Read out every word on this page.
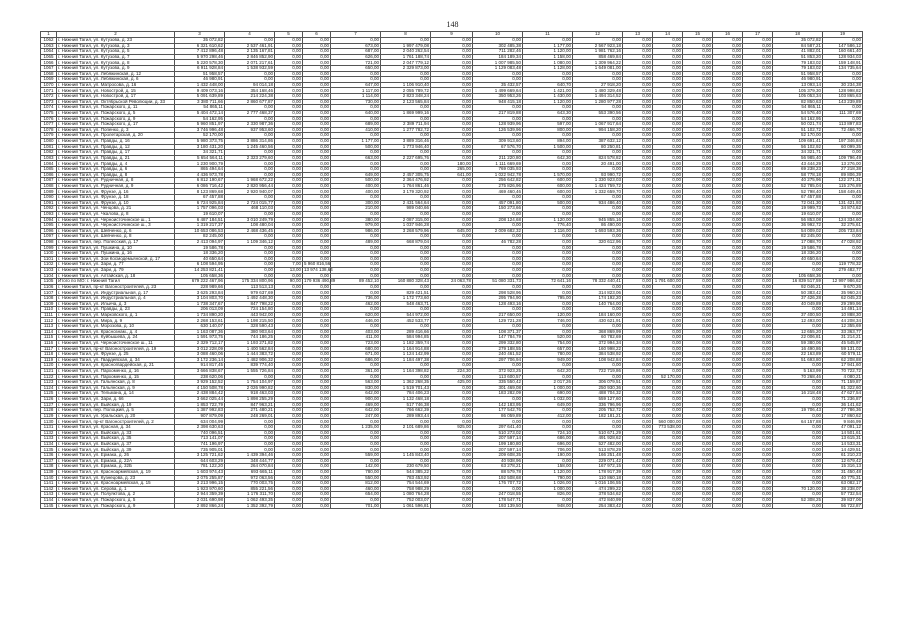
148
1	2	3	4	5	6	7	8	9	10	11	12	13	14	15	16	17	18	19
1062	г. Нижний Тагил, ул. Кутузова, д. 23	35 072,82	0,00	0,00	0,00	0,00	0,00	0,00	0,00	0,00	0,00	0,00	0,00	0,00	0,00	0,00	35 072,82	0,00
1063	г. Нижний Тагил, ул. Кутузова, д. 3	6 321 610,62	2 537 461,91	0,00	0,00	673,00	1 997 479,08	0,00	302 485,38	1 177,00	2 567 923,18	0,00	0,00	0,00	0,00	0,00	84 587,21	147 586,12
1064	г. Нижний Тагил, ул. Кутузова, д. 5	7 412 896,48	2 135 167,81	0,00	0,00	687,00	2 040 262,54	0,00	711 282,46	1 120,00	1 981 762,16	0,00	0,00	0,00	0,00	0,00	41 882,01	160 661,40
1065	г. Нижний Тагил, ул. Кутузова, д. 7	5 970 298,46	2 846 852,90	0,00	0,00	626,00	1 761 188,74	0,00	184 189,34	1 158,00	858 469,84	0,00	0,00	0,00	0,00	0,00	51 853,20	128 934,03
1066	г. Нижний Тагил, ул. Кутузова, д. 8	5 220 578,30	2 071 217,61	0,00	0,00	721,00	2 047 779,12	0,00	1 007 985,50	1 080,00	1 309 964,22	0,00	0,00	0,00	0,00	0,00	79 183,02	159 148,91
1067	г. Нижний Тагил, ул. Кутузова, д. 9	6 911 928,84	1 538 932,59	0,00	0,00	650,00	2 329 873,00	0,00	1 129 083,48	1 128,00	1 649 081,00	0,00	0,00	0,00	0,00	0,00	79 183,02	134 735,64
1068	г. Нижний Тагил, ул. Лебяжинская, д. 12	51 958,57	0,00	0,00	0,00	0,00	0,00	0,00	0,00	0,00	0,00	0,00	0,00	0,00	0,00	0,00	51 958,57	0,00
1069	г. Нижний Тагил, ул. Лебяжинская, д. 6	46 980,91	0,00	0,00	0,00	0,00	0,00	0,00	0,00	0,00	0,00	0,00	0,00	0,00	0,00	0,00	46 980,91	0,00
1070	г. Нижний Тагил, ул. Матросова, д. 16	1 432 448,00	94 014,18	0,00	0,00	647,00	1 106 910,40	0,00	35 432,57	640,70	27 918,20	0,00	0,00	0,00	0,00	0,00	13 093,14	30 234,38
1071	г. Нижний Тагил, ул. Новострой, д. 15	9 409 073,16	354 168,46	0,00	0,00	1 117,00	2 055 789,72	0,00	1 499 669,64	1 421,00	1 480 329,48	0,00	0,00	0,00	0,00	0,00	105 379,30	128 998,82
1072	г. Нижний Тагил, ул. Новострой, д. 17	5 091 639,89	214 224,38	0,00	0,00	1 114,00	2 823 348,24	0,00	350 953,26	1 430,00	1 494 314,52	0,00	0,00	0,00	0,00	0,00	105 053,34	103 865,63
1073	г. Нижний Тагил, ул. Октябрьской Революции, д. 33	3 380 711,66	2 860 677,87	0,00	0,00	730,00	2 123 565,84	0,00	948 415,18	1 120,00	1 280 977,28	0,00	0,00	0,00	0,00	0,00	82 850,63	143 239,89
1074	г. Нижний Тагил, ул. Пожарского, д. 11	54 865,11	0,00	0,00	0,00	0,00	0,00	0,00	0,00	0,00	0,00	0,00	0,00	0,00	0,00	0,00	54 865,11	0,00
1075	г. Нижний Тагил, ул. Пожарского, д. 5	5 404 472,14	2 777 468,37	0,00	0,00	640,00	1 869 999,16	0,00	217 819,88	643,30	553 390,56	0,00	0,00	0,00	0,00	0,00	54 576,40	111 307,69
1076	г. Нижний Тагил, ул. Пожарского, д. 9	54 162,95	0,00	0,00	0,00	0,00	0,00	0,00	0,00	0,00	0,00	0,00	0,00	0,00	0,00	0,00	54 162,95	0,00
1077	г. Нижний Тагил, ул. Пожарского, д. 17	5 960 851,97	2 330 987,36	0,00	0,00	689,00	2 389 711,94	0,00	128 939,96	597,00	1 067 917,64	0,00	0,00	0,00	0,00	0,00	50 021,74	113 897,83
1078	г. Нижний Тагил, ул. Попенко, д. 3	3 746 996,48	937 953,60	0,00	0,00	410,00	1 277 782,72	0,00	126 539,96	800,00	994 158,20	0,00	0,00	0,00	0,00	0,00	51 102,72	72 466,70
1079	г. Нижний Тагил, ул. Пролетарская, д. 20	52 170,00	0,00	0,00	0,00	0,00	0,00	0,00	0,00	0,00	0,00	0,00	0,00	0,00	0,00	0,00	52 170,00	0,00
1080	г. Нижний Тагил, ул. Правды, д. 16	5 980 373,75	3 886 314,86	0,00	0,00	1 177,00	3 889 316,46	0,00	309 913,60	894,00	387 632,12	0,00	0,00	0,00	0,00	0,00	109 691,41	197 346,84
1081	г. Нижний Тагил, ул. Правды, д. 12	3 180 431,20	1 245 460,56	0,00	0,00	500,00	1 773 946,40	0,00	67 576,70	1 500,00	80 250,81	0,00	0,00	0,00	0,00	0,00	56 102,92	60 099,35
1082	г. Нижний Тагил, ул. Правды, д. 17	34 321,71	0,00	0,00	0,00	0,00	0,00	0,00	0,00	0,00	0,00	0,00	0,00	0,00	0,00	0,00	34 321,71	0,00
1083	г. Нижний Тагил, ул. Правды, д. 21	5 654 564,11	2 323 279,60	0,00	0,00	663,00	2 227 695,76	0,00	211 220,80	642,30	824 578,82	0,00	0,00	0,00	0,00	0,00	56 985,40	109 796,49
1084	г. Нижний Тагил, ул. Правды, д. 4	1 230 900,79	0,00	0,00	0,00	0,00	0,00	180,00	1 111 669,69	0,00	20 491,00	0,00	0,00	0,00	0,00	0,00	43 444,29	13 276,00
1085	г. Нижний Тагил, ул. Правды, д. 6	865 494,64	0,00	0,00	0,00	0,00	0,00	265,00	769 035,93	0,00	0,00	0,00	0,00	0,00	0,00	0,00	69 238,23	27 218,38
1086	г. Нижний Тагил, ул. Правды, д. 8	4 436 973,78	0,00	0,00	0,00	649,00	2 457 305,75	641,00	1 022 942,78	1 570,00	93 990,72	0,00	0,00	0,00	0,00	0,00	58 778,18	89 806,39
1087	г. Нижний Тагил, ул. Рудничная, д. 8	6 812 190,67	1 968 672,22	0,00	0,00	500,00	2 364 476,92	0,00	256 642,82	600,00	1 330 923,03	0,00	0,00	0,00	0,00	0,00	40 275,96	122 271,31
1088	г. Нижний Тагил, ул. Рудничная, д. 9	6 086 716,42	2 820 956,44	0,00	0,00	400,00	1 764 861,46	0,00	275 826,96	600,00	1 424 759,72	0,00	0,00	0,00	0,00	0,00	52 785,04	115 276,89
1089	г. Нижний Тагил, ул. Фрунзе, д. 16	8 123 869,68	2 920 940,07	0,00	0,00	400,00	3 179 320,92	0,00	469 460,46	600,00	1 332 659,70	0,00	0,00	0,00	0,00	0,00	52 798,40	158 449,45
1090	г. Нижний Тагил, ул. Фрунзе, д. 18	67 457,88	0,00	0,00	0,00	0,00	0,00	0,00	0,00	0,00	0,00	0,00	0,00	0,00	0,00	0,00	67 457,88	0,00
1091	г. Нижний Тагил, ул. Фрунзе, д. 10	6 724 925,84	2 724 015,77	0,00	0,00	300,00	2 431 564,64	0,00	457 091,80	500,00	934 486,40	0,00	0,00	0,00	0,00	0,00	72 041,30	131 421,93
1092	г. Нижний Тагил, ул. Ченцова, д. 21	1 757 096,03	468 110,03	0,00	0,00	210,00	989 040,66	0,00	150 273,66	0,00	0,00	0,00	0,00	0,00	0,00	0,00	19 999,73	34 874,62
1093	г. Нижний Тагил, ул. Чкалова, д. 8	19 610,07	0,00	0,00	0,00	0,00	0,00	0,00	0,00	0,00	0,00	0,00	0,00	0,00	0,00	0,00	19 610,07	0,00
1094	г. Нижний Тагил, ул. Черноисточинское ш., 1	6 487 184,51	3 010 249,79	0,00	0,00	380,00	2 087 315,00	0,00	208 124,68	1 120,00	945 855,16	0,00	0,00	0,00	0,00	0,00	56 853,08	124 334,60
1095	г. Нижний Тагил, ул. Черноисточинское ш., 3	1 319 217,37	108 480,04	0,00	0,00	979,00	1 037 946,28	0,00	0,00	776,40	86 490,00	0,00	0,00	0,00	0,00	0,00	36 992,72	32 275,61
1096	г. Нижний Тагил, ул. Шевченко, д. 6	10 653 086,53	2 468 436,45	0,00	0,00	986,00	3 268 579,96	645,00	2 009 682,32	1 116,00	1 693 593,36	0,00	0,00	0,00	0,00	0,00	54 009,02	205 733,84
1097	г. Нижний Тагил, ул. Шевченко, д. 8	82 245,00	0,00	0,00	0,00	0,00	0,00	0,00	0,00	0,00	0,00	0,00	0,00	0,00	0,00	0,00	82 245,00	0,00
1098	г. Нижний Тагил, пер. Полесский, д. 17	2 413 094,97	1 109 346,12	0,00	0,00	489,00	668 879,04	0,00	46 782,28	0,00	320 612,96	0,00	0,00	0,00	0,00	0,00	17 088,70	47 028,92
1099	г. Нижний Тагил, ул. Пушкина, д. 10	19 586,78	0,00	0,00	0,00	0,00	0,00	0,00	0,00	0,00	0,00	0,00	0,00	0,00	0,00	0,00	19 586,78	0,00
1100	г. Нижний Тагил, ул. Пушкина, д. 16	18 336,20	0,00	0,00	0,00	0,00	0,00	0,00	0,00	0,00	0,00	0,00	0,00	0,00	0,00	0,00	18 336,20	0,00
1101	г. Нижний Тагил, ул. Зои Космодемьянской, д. 17	40 650,64	0,00	0,00	0,00	0,00	0,00	0,00	0,00	0,00	0,00	0,00	0,00	0,00	0,00	0,00	40 650,64	0,00
1102	г. Нижний Тагил, ул. Зари, д. 77	6 108 594,95	0,00	7,00	5 960 816,56	0,00	0,00	0,00	0,00	0,00	0,00	0,00	0,00	0,00	0,00	0,00	0,00	119 778,32
1103	г. Нижний Тагил, ул. Зари, д. 79	14 253 821,41	0,00	13,00	13 974 138,64	0,00	0,00	0,00	0,00	0,00	0,00	0,00	0,00	0,00	0,00	0,00	0,00	279 482,77
1104	г. Нижний Тагил, ул. Алтайская, д. 18	105 658,36	0,00	0,00	0,00	0,00	0,00	0,00	0,00	0,00	0,00	0,00	0,00	0,00	0,00	0,00	105 658,36	0,00
1105	Итого по МО: г. Нижний Тагил	679 222 467,96	175 334 800,96	90,00	179 936 490,89	89 452,10	160 880 328,43	24 063,78	51 080 331,73	72 641,16	78 332 440,41	0,00	1 791 600,00	0,00	0,00	0,00	16 839 517,59	12 997 986,62
1106	г. Нижний Тагил, пр-кт Вагоностроителей, д. 23	228 989,66	113 513,13	0,00	0,00	0,00	0,00	0,00	0,00	0,00	0,00	0,00	0,00	0,00	0,00	0,00	92 046,21	9 670,26
1107	г. Нижний Тагил, ул. Индустриальная, д. 17	3 625 293,84	979 637,69	0,00	0,00	0,00	829 421,51	0,00	298 528,96	0,00	314 823,06	0,00	0,00	0,00	0,00	0,00	50 383,42	35 960,24
1108	г. Нижний Тагил, ул. Индустриальная, д. 4	3 104 803,70	1 492 448,30	0,00	0,00	736,00	1 172 773,60	0,00	295 794,90	795,00	174 192,20	0,00	0,00	0,00	0,00	0,00	37 426,28	62 045,23
1109	г. Нижний Тагил, ул. Ильича, д. 3	1 738 347,67	847 798,22	0,00	0,00	462,00	548 463,71	0,00	128 493,16	0,00	140 764,00	0,00	0,00	0,00	0,00	0,00	40 049,89	29 299,96
1110	г. Нижний Тагил, ул. Правды, д. 23	206 013,09	724 154,80	0,00	0,00	0,00	0,00	0,00	0,00	0,00	0,00	0,00	0,00	0,00	0,00	0,00	0,00	14 491,14
1111	г. Нижний Тагил, ул. Марковского, д. 1	1 734 890,20	443 942,00	0,00	0,00	620,00	544 972,00	0,00	217 650,00	120,00	184 160,00	0,00	0,00	0,00	0,00	0,00	37 400,50	10 888,30
1112	г. Нижний Тагил, ул. Мира, д. 9	2 268 153,61	1 198 215,50	0,00	0,00	446,00	452 533,77	0,00	129 721,28	746,00	430 621,91	0,00	0,00	0,00	0,00	0,00	12 493,00	44 208,34
1113	г. Нижний Тагил, ул. Морозова, д. 10	630 140,07	328 590,43	0,00	0,00	0,00	0,00	0,00	0,00	0,00	0,00	0,00	0,00	0,00	0,00	0,00	0,00	12 355,69
1114	г. Нижний Тагил, ул. Краснознам., д. 4	1 163 087,36	380 903,64	0,00	0,00	403,00	289 416,66	0,00	108 371,37	0,00	368 869,99	0,00	0,00	0,00	0,00	0,00	12 655,20	33 363,77
1115	г. Нижний Тагил, ул. Куйбышева, д. 24	1 591 973,75	744 186,25	0,00	0,00	411,00	584 994,85	0,00	147 784,79	520,00	60 782,69	0,00	0,00	0,00	0,00	0,00	22 006,81	31 214,21
1116	г. Нижний Тагил, ул. Черноисточинское ш., 11	2 329 712,17	1 193 271,82	0,00	0,00	723,00	1 182 359,74	0,00	299 332,80	754,00	372 994,34	0,00	0,00	0,00	0,00	0,00	59 380,06	45 545,97
1117	г. Нижний Тагил, пр-кт Вагоностроителей, д. 19	3 012 228,09	1 400 562,84	0,00	0,00	680,00	1 164 914,88	0,00	279 188,55	657,00	160 998,22	0,00	0,00	0,00	0,00	0,00	16 490,86	59 131,02
1118	г. Нижний Тагил, ул. Фрунзе, д. 25	3 088 460,06	1 444 383,72	0,00	0,00	671,00	1 124 142,99	0,00	240 461,52	780,00	384 538,92	0,00	0,00	0,00	0,00	0,00	22 163,89	60 579,11
1119	г. Нижний Тагил, ул. Гвардейская, д. 34	3 172 236,14	1 482 906,32	0,00	0,00	686,00	1 184 497,38	0,00	297 706,94	949,00	108 942,84	0,00	0,00	0,00	0,00	0,00	51 693,80	62 208,88
1120	г. Нижний Тагил, ул. Красногвардейская, д. 21	914 817,45	839 774,40	0,00	0,00	0,00	0,00	0,00	0,00	0,00	0,00	0,00	0,00	0,00	0,00	0,00	0,00	17 941,60
1121	г. Нижний Тагил, ул. Пархоменко, д. 16	3 666 838,67	1 555 726,84	0,00	0,00	361,00	1 164 398,82	224,30	372 923,25	642,20	722 719,86	0,00	0,00	0,00	0,00	0,00	5 163,99	70 722,72
1122	г. Нижний Тагил, ул. Пархоменко, д. 15	238 620,06	0,00	0,00	0,00	0,00	0,00	0,00	113 600,57	0,00	0,00	0,00	52 170,00	0,00	0,00	0,00	70 268,46	4 080,21
1123	г. Нижний Тагил, ул. Гальянская, д. 8	3 929 152,52	1 754 104,97	0,00	0,00	563,00	1 362 268,35	425,00	335 550,42	2 017,26	306 079,51	0,00	0,00	0,00	0,00	0,00	0,00	71 159,87
1124	г. Нижний Тагил, ул. Гальянская, д. 9	4 150 508,78	2 026 990,82	0,00	0,00	830,00	1 519 701,43	0,00	301 469,08	1 000,00	250 930,36	0,00	0,00	0,00	0,00	0,00	0,00	81 322,60
1125	г. Нижний Тагил, ул. Тельмана, д. 14	2 438 884,42	918 463,03	0,00	0,00	642,00	784 406,23	0,00	183 282,09	690,00	488 704,32	0,00	0,00	0,00	0,00	0,00	16 218,48	47 627,54
1126	г. Нижний Тагил, ул. Зари, д. 66	3 662 025,44	1 898 255,29	0,00	0,00	900,00	1 132 468,18	0,00	0,00	1 032,00	559 127,60	0,00	0,00	0,00	0,00	0,00	0,00	71 236,87
1127	г. Нижний Тагил, ул. Выйская, д. 19	1 853 722,79	847 963,21	0,00	0,00	469,00	517 746,38	0,00	142 183,95	649,00	336 796,96	0,00	0,00	0,00	0,00	0,00	0,00	36 141,62
1128	г. Нижний Тагил, пер. Полоцкий, д. 5	1 387 992,83	271 480,21	0,00	0,00	642,00	766 662,39	0,00	177 542,76	0,00	205 752,72	0,00	0,00	0,00	0,00	0,00	19 706,43	27 786,36
1129	г. Нижний Тагил, ул. Уральская, д. 20	907 879,09	248 269,01	0,00	0,00	247,00	289 893,44	0,00	86 059,89	412,00	182 181,21	0,00	0,00	0,00	0,00	0,00	0,00	17 860,62
1130	г. Нижний Тагил, пр-кт Вагоностроителей, д. 2	634 004,99	0,00	0,00	0,00	0,00	0,00	0,00	0,00	0,00	0,00	0,00	560 000,00	0,00	0,00	0,00	64 157,88	9 846,99
1131	г. Нижний Тагил, ул. Красная, д. 34	2 398 630,63	0,00	0,00	0,00	1 235,00	2 101 689,86	925,00	297 641,40	0,00	0,00	0,00	773 538,00	0,00	0,00	0,00	0,00	47 091,12
1132	г. Нижний Тагил, ул. Выйская, д. 33	740 096,51	0,00	0,00	0,00	0,00	0,00	0,00	510 273,02	724,10	510 671,29	0,00	0,00	0,00	0,00	0,00	0,00	14 501,61
1133	г. Нижний Тагил, ул. Выйская, д. 35	713 141,07	0,00	0,00	0,00	0,00	0,00	0,00	207 597,14	686,00	491 928,62	0,00	0,00	0,00	0,00	0,00	0,00	13 615,31
1134	г. Нижний Тагил, ул. Выйская, д. 37	741 196,97	0,00	0,00	0,00	0,00	0,00	0,00	199 180,80	696,00	527 482,00	0,00	0,00	0,00	0,00	0,00	0,00	14 533,31
1135	г. Нижний Тагил, ул. Выйская, д. 39	735 905,01	0,00	0,00	0,00	0,00	0,00	0,00	207 597,14	706,00	513 878,29	0,00	0,00	0,00	0,00	0,00	0,00	14 429,51
1136	г. Нижний Тагил, ул. Ермака, д. 26	3 125 721,62	1 439 394,46	0,00	0,00	559,00	1 145 843,40	0,00	209 608,35	190,00	166 251,48	0,00	0,00	0,00	0,00	0,00	0,00	61 210,23
1137	г. Нижний Тагил, ул. Ермака, д. 22А	644 603,29	348 444,77	0,00	0,00	0,00	0,00	0,00	40 938,96	0,00	229 071,42	0,00	0,00	0,00	0,00	0,00	0,00	12 679,42
1138	г. Нижний Тагил, ул. Ермака, д. 32Б	781 122,20	264 070,84	0,00	0,00	142,00	230 679,50	0,00	63 278,21	158,00	167 972,15	0,00	0,00	0,00	0,00	0,00	0,00	15 316,13
1139	г. Нижний Тагил, ул. Красноармейская, д. 19	1 603 974,43	693 665,11	0,00	0,00	780,00	544 385,22	0,00	88 579,78	1 120,00	178 917,39	0,00	0,00	0,00	0,00	0,00	0,00	31 450,48
1140	г. Нижний Тагил, ул. Кузнецова, д. 23	2 075 255,87	972 063,56	0,00	0,00	550,00	783 453,92	0,00	192 508,68	790,00	110 860,18	0,00	0,00	0,00	0,00	0,00	0,00	40 775,31
1141	г. Нижний Тагил, ул. Красноармейская, д. 15	3 213 996,15	770 003,75	0,00	0,00	812,00	754 544,69	0,00	176 707,72	1 026,00	1 016 106,55	0,00	0,00	0,00	0,00	0,00	0,00	63 082,17
1142	г. Нижний Тагил, ул. Серова, д. 1	1 923 970,60	855 221,56	0,00	0,00	460,00	758 988,29	0,00	0,00	1 000,00	474 299,22	0,00	0,00	0,00	0,00	0,00	70 120,00	38 238,07
1143	г. Нижний Тагил, ул. Полуяктова, д. 2	2 944 359,39	1 176 311,70	0,00	0,00	654,00	1 080 764,28	0,00	247 018,55	826,00	378 534,62	0,00	0,00	0,00	0,00	0,00	0,00	57 732,54
1144	г. Нижний Тагил, ул. Пожарского, д. 5	2 031 690,98	1 062 493,35	0,00	0,00	0,00	752 003,07	0,00	178 547,71	0,00	472 840,99	0,00	0,00	0,00	0,00	0,00	52 308,25	39 837,06
1145	г. Нижний Тагил, ул. Пожарского, д. 9	2 892 866,24	1 352 392,79	0,00	0,00	701,00	1 061 596,81	0,00	193 139,50	948,00	254 383,42	0,00	0,00	0,00	0,00	0,00	0,00	56 722,87
